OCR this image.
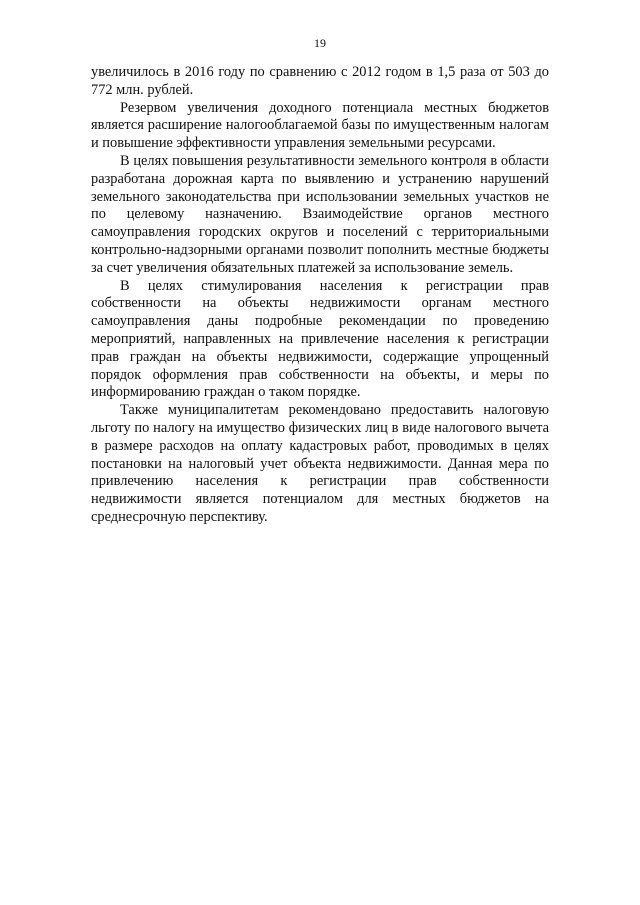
19

увеличилось в 2016 году по сравнению с 2012 годом в 1,5 раза от 503 до 772 млн. рублей.

Резервом увеличения доходного потенциала местных бюджетов является расширение налогооблагаемой базы по имущественным налогам и повышение эффективности управления земельными ресурсами.

В целях повышения результативности земельного контроля в области разработана дорожная карта по выявлению и устранению нарушений земельного законодательства при использовании земельных участков не по целевому назначению. Взаимодействие органов местного самоуправления городских округов и поселений с территориальными контрольно-надзорными органами позволит пополнить местные бюджеты за счет увеличения обязательных платежей за использование земель.

В целях стимулирования населения к регистрации прав собственности на объекты недвижимости органам местного самоуправления даны подробные рекомендации по проведению мероприятий, направленных на привлечение населения к регистрации прав граждан на объекты недвижимости, содержащие упрощенный порядок оформления прав собственности на объекты, и меры по информированию граждан о таком порядке.

Также муниципалитетам рекомендовано предоставить налоговую льготу по налогу на имущество физических лиц в виде налогового вычета в размере расходов на оплату кадастровых работ, проводимых в целях постановки на налоговый учет объекта недвижимости. Данная мера по привлечению населения к регистрации прав собственности недвижимости является потенциалом для местных бюджетов на среднесрочную перспективу.
